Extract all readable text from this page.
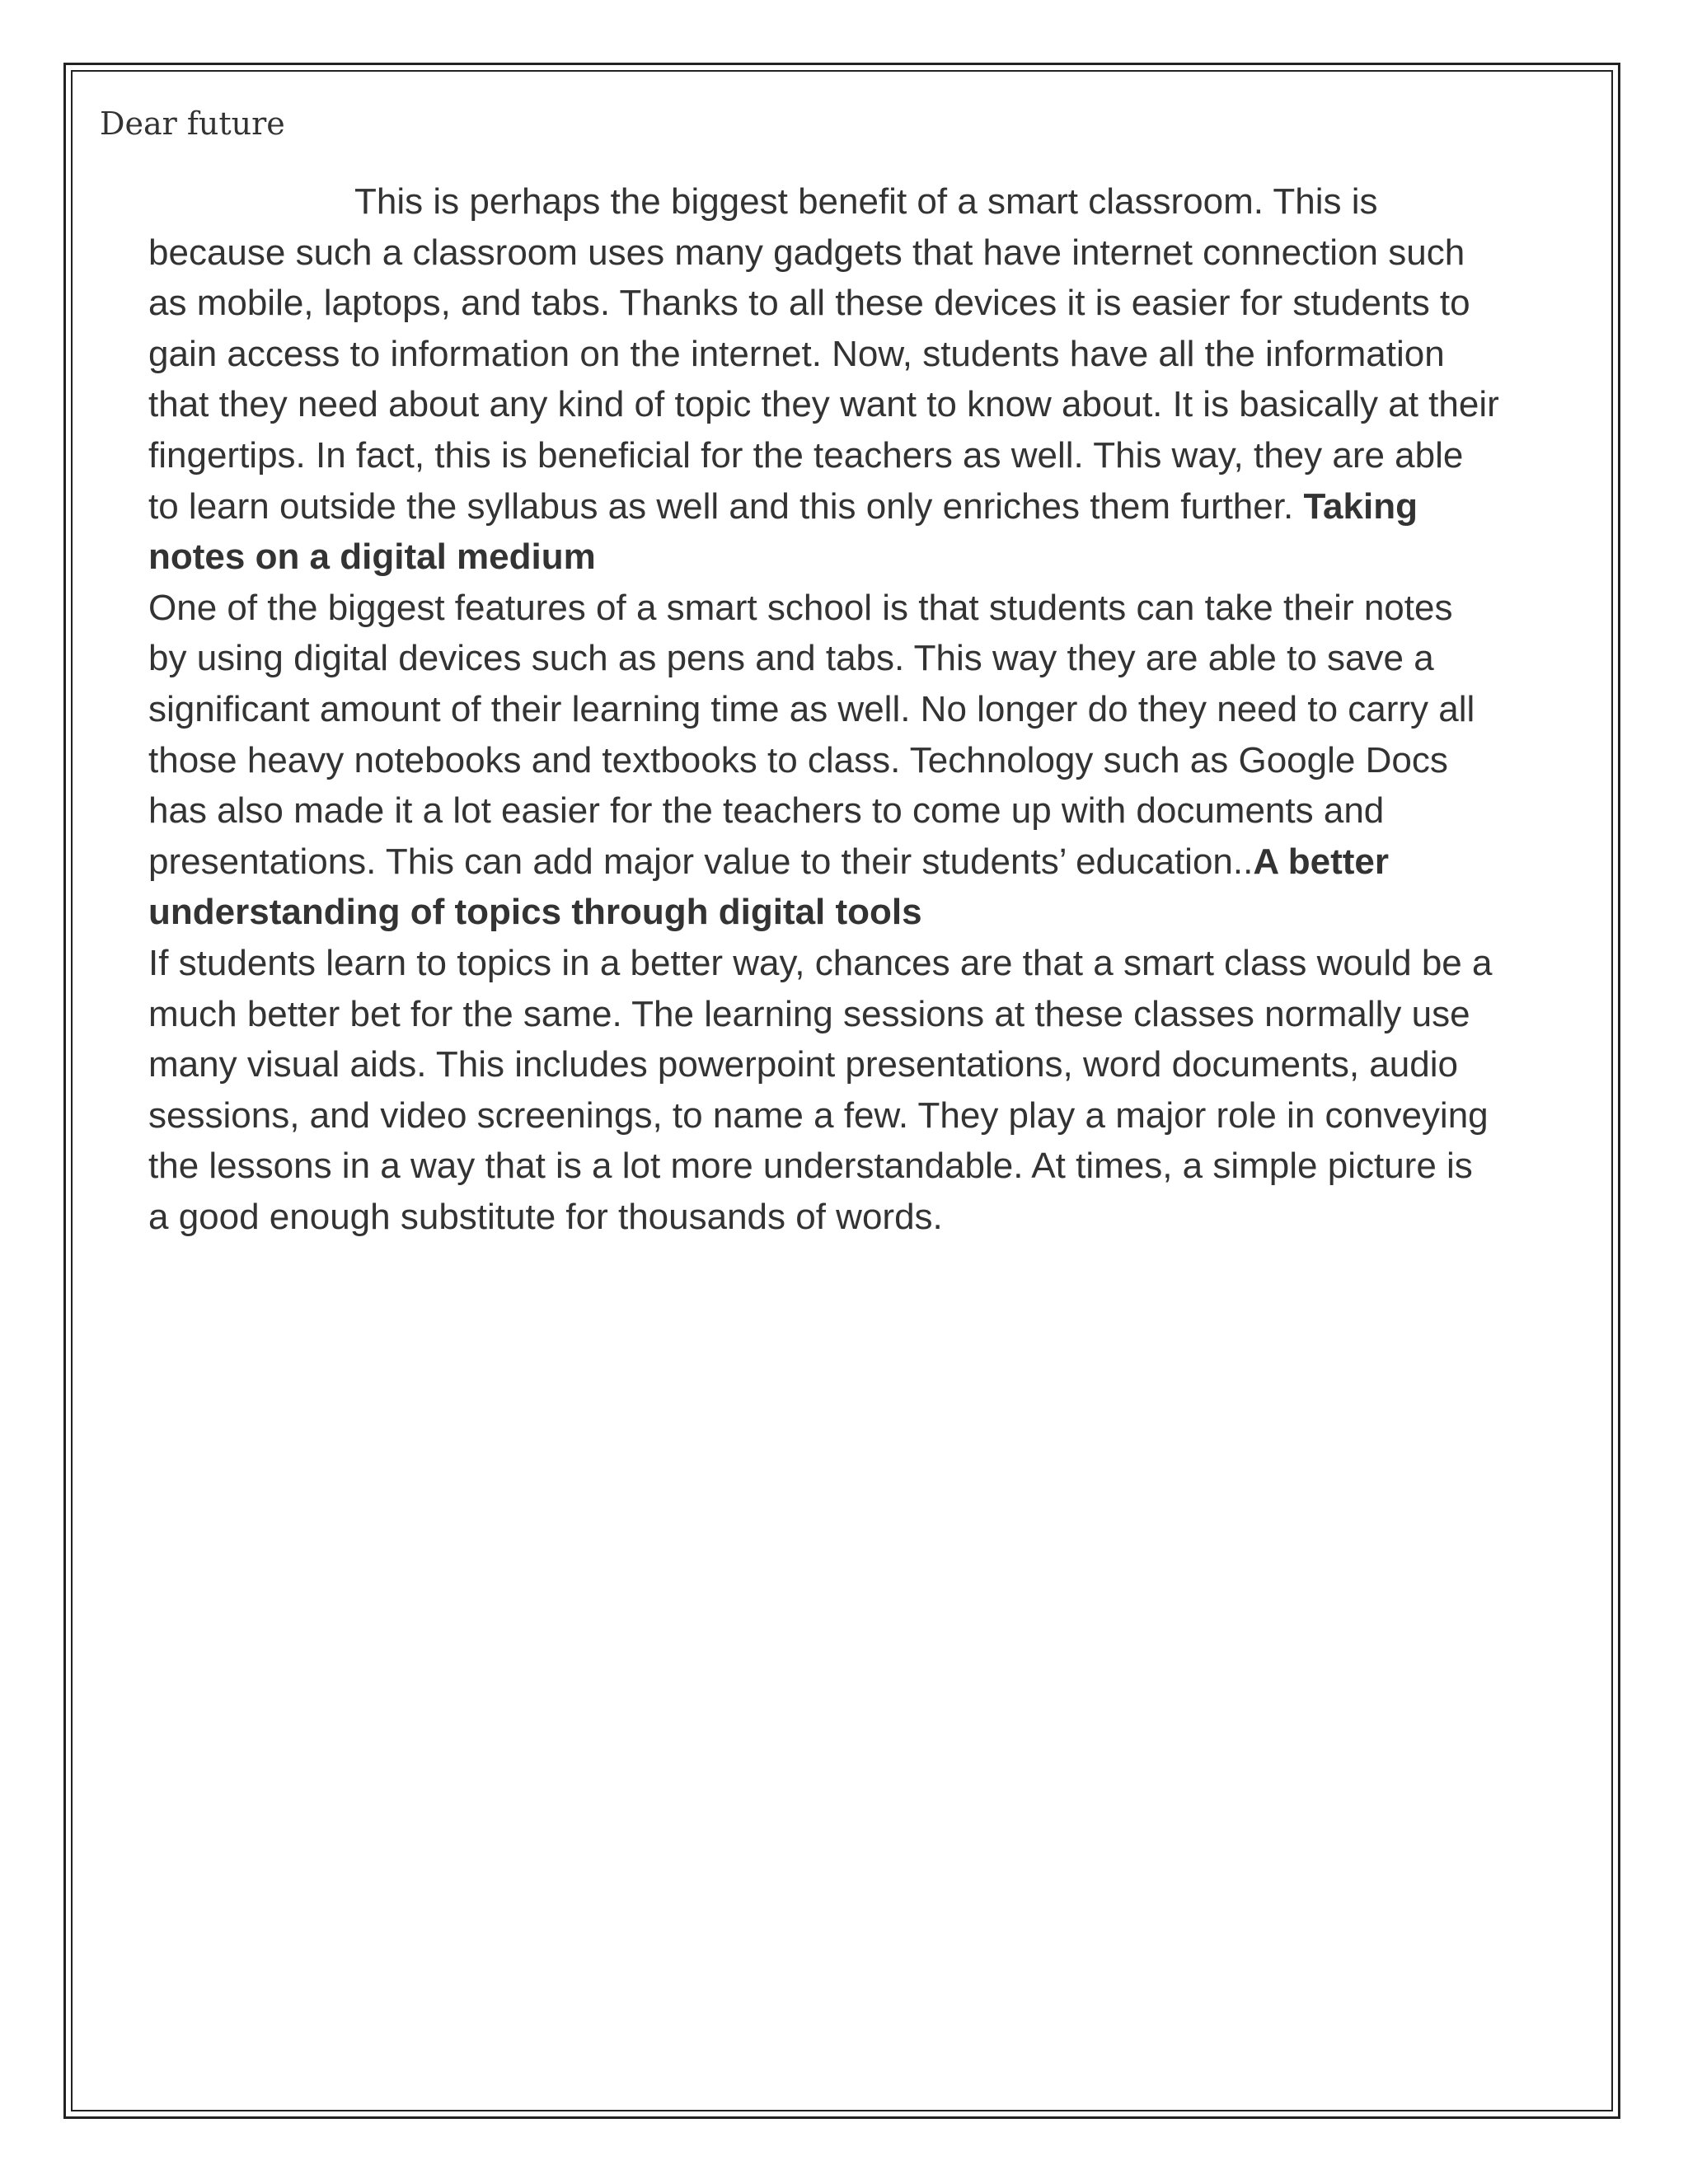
Dear future

This is perhaps the biggest benefit of a smart classroom. This is
because such a classroom uses many gadgets that have internet connection such
as mobile, laptops, and tabs. Thanks to all these devices it is easier for students to
gain access to information on the internet. Now, students have all the information
that they need about any kind of topic they want to know about. It is basically at their
fingertips. In fact, this is beneficial for the teachers as well. This way, they are able
to learn outside the syllabus as well and this only enriches them further. Taking
notes on a digital medium
One of the biggest features of a smart school is that students can take their notes
by using digital devices such as pens and tabs. This way they are able to save a
significant amount of their learning time as well. No longer do they need to carry all
those heavy notebooks and textbooks to class. Technology such as Google Docs
has also made it a lot easier for the teachers to come up with documents and
presentations. This can add major value to their students’ education..A better
understanding of topics through digital tools
If students learn to topics in a better way, chances are that a smart class would be a
much better bet for the same. The learning sessions at these classes normally use
many visual aids. This includes powerpoint presentations, word documents, audio
sessions, and video screenings, to name a few. They play a major role in conveying
the lessons in a way that is a lot more understandable. At times, a simple picture is
a good enough substitute for thousands of words.
